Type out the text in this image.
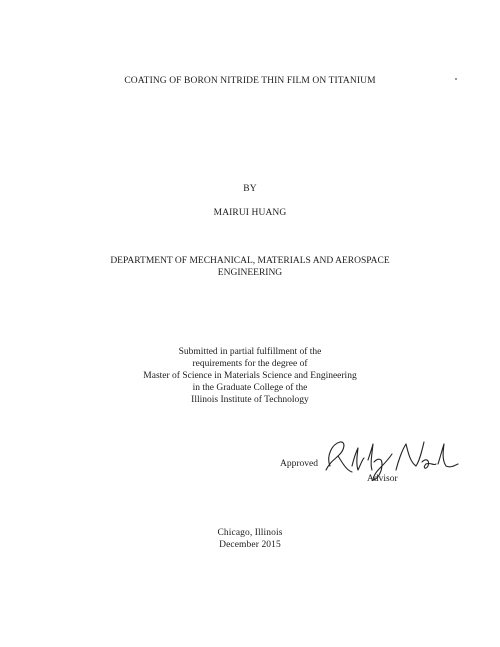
COATING OF BORON NITRIDE THIN FILM ON TITANIUM
BY
MAIRUI HUANG
DEPARTMENT OF MECHANICAL, MATERIALS AND AEROSPACE
ENGINEERING
Submitted in partial fulfillment of the
requirements for the degree of
Master of Science in Materials Science and Engineering
in the Graduate College of the
Illinois Institute of Technology
Approved
Advisor
Chicago, Illinois
December 2015
